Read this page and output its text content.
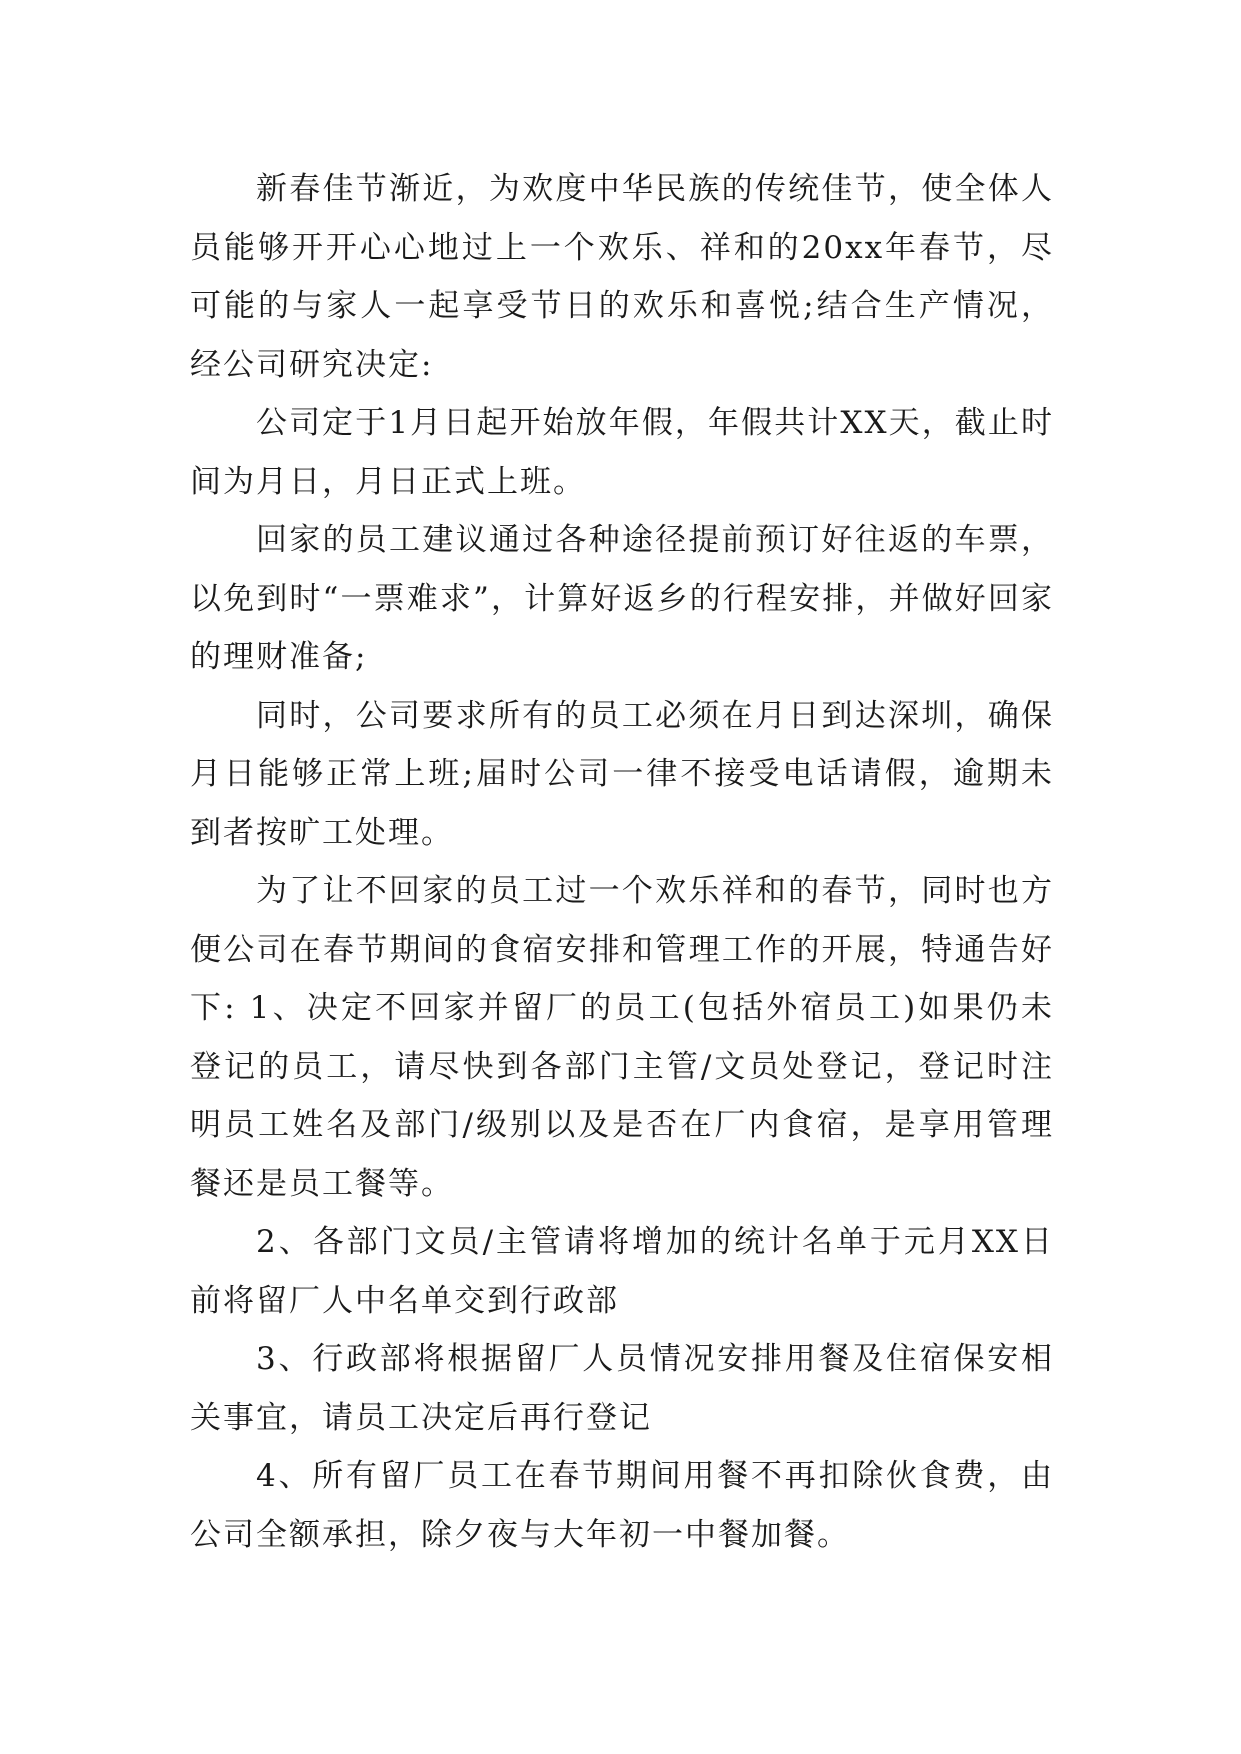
新春佳节渐近，为欢度中华民族的传统佳节，使全体人员能够开开心心地过上一个欢乐、祥和的20xx年春节，尽可能的与家人一起享受节日的欢乐和喜悦;结合生产情况，经公司研究决定:

公司定于1月日起开始放年假，年假共计XX天，截止时间为月日，月日正式上班。

回家的员工建议通过各种途径提前预订好往返的车票，以免到时“一票难求”，计算好返乡的行程安排，并做好回家的理财准备;

同时，公司要求所有的员工必须在月日到达深圳，确保月日能够正常上班;届时公司一律不接受电话请假，逾期未到者按旷工处理。

为了让不回家的员工过一个欢乐祥和的春节，同时也方便公司在春节期间的食宿安排和管理工作的开展，特通告好下: 1、决定不回家并留厂的员工(包括外宿员工)如果仍未登记的员工，请尽快到各部门主管/文员处登记，登记时注明员工姓名及部门/级别以及是否在厂内食宿，是享用管理餐还是员工餐等。

2、各部门文员/主管请将增加的统计名单于元月XX日前将留厂人中名单交到行政部

3、行政部将根据留厂人员情况安排用餐及住宿保安相关事宜，请员工决定后再行登记

4、所有留厂员工在春节期间用餐不再扣除伙食费，由公司全额承担，除夕夜与大年初一中餐加餐。
